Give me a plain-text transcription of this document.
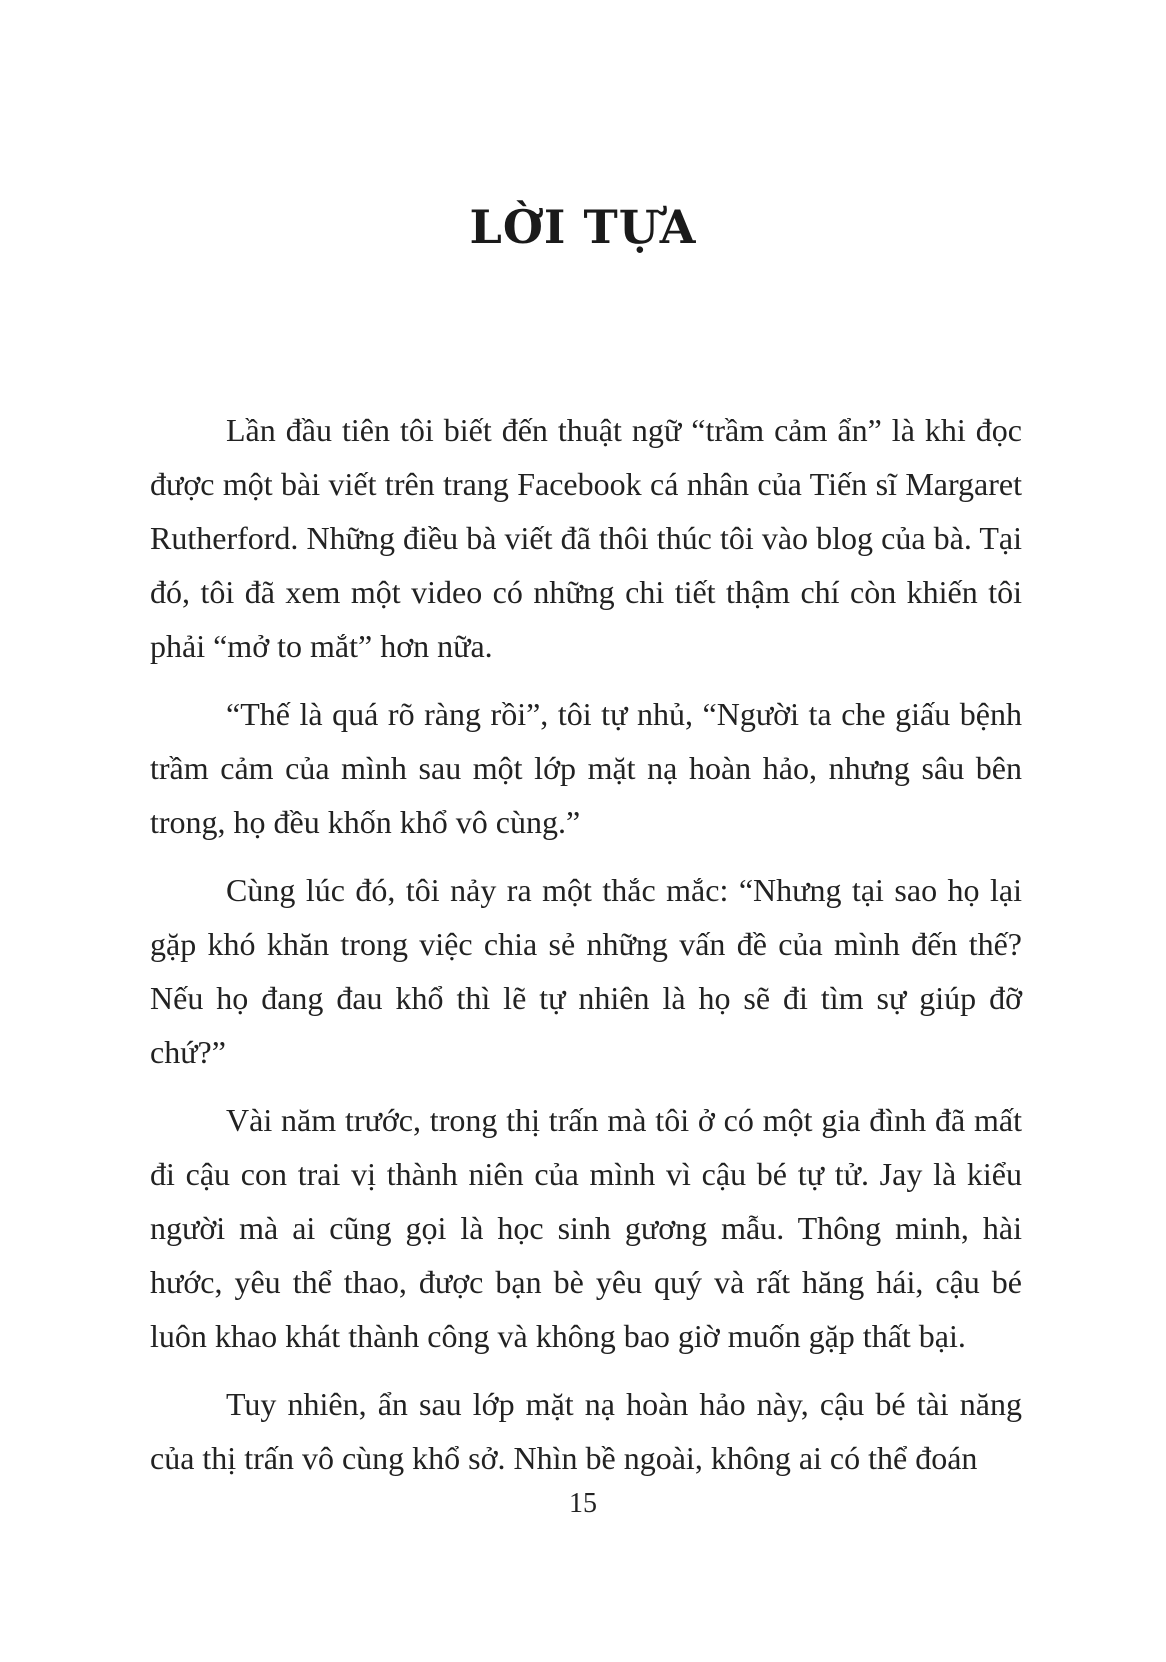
LỜI TỰA

Lần đầu tiên tôi biết đến thuật ngữ “trầm cảm ẩn” là khi đọc được một bài viết trên trang Facebook cá nhân của Tiến sĩ Margaret Rutherford. Những điều bà viết đã thôi thúc tôi vào blog của bà. Tại đó, tôi đã xem một video có những chi tiết thậm chí còn khiến tôi phải “mở to mắt” hơn nữa.

“Thế là quá rõ ràng rồi”, tôi tự nhủ, “Người ta che giấu bệnh trầm cảm của mình sau một lớp mặt nạ hoàn hảo, nhưng sâu bên trong, họ đều khốn khổ vô cùng.”

Cùng lúc đó, tôi nảy ra một thắc mắc: “Nhưng tại sao họ lại gặp khó khăn trong việc chia sẻ những vấn đề của mình đến thế? Nếu họ đang đau khổ thì lẽ tự nhiên là họ sẽ đi tìm sự giúp đỡ chứ?”

Vài năm trước, trong thị trấn mà tôi ở có một gia đình đã mất đi cậu con trai vị thành niên của mình vì cậu bé tự tử. Jay là kiểu người mà ai cũng gọi là học sinh gương mẫu. Thông minh, hài hước, yêu thể thao, được bạn bè yêu quý và rất hăng hái, cậu bé luôn khao khát thành công và không bao giờ muốn gặp thất bại.

Tuy nhiên, ẩn sau lớp mặt nạ hoàn hảo này, cậu bé tài năng của thị trấn vô cùng khổ sở. Nhìn bề ngoài, không ai có thể đoán

15
